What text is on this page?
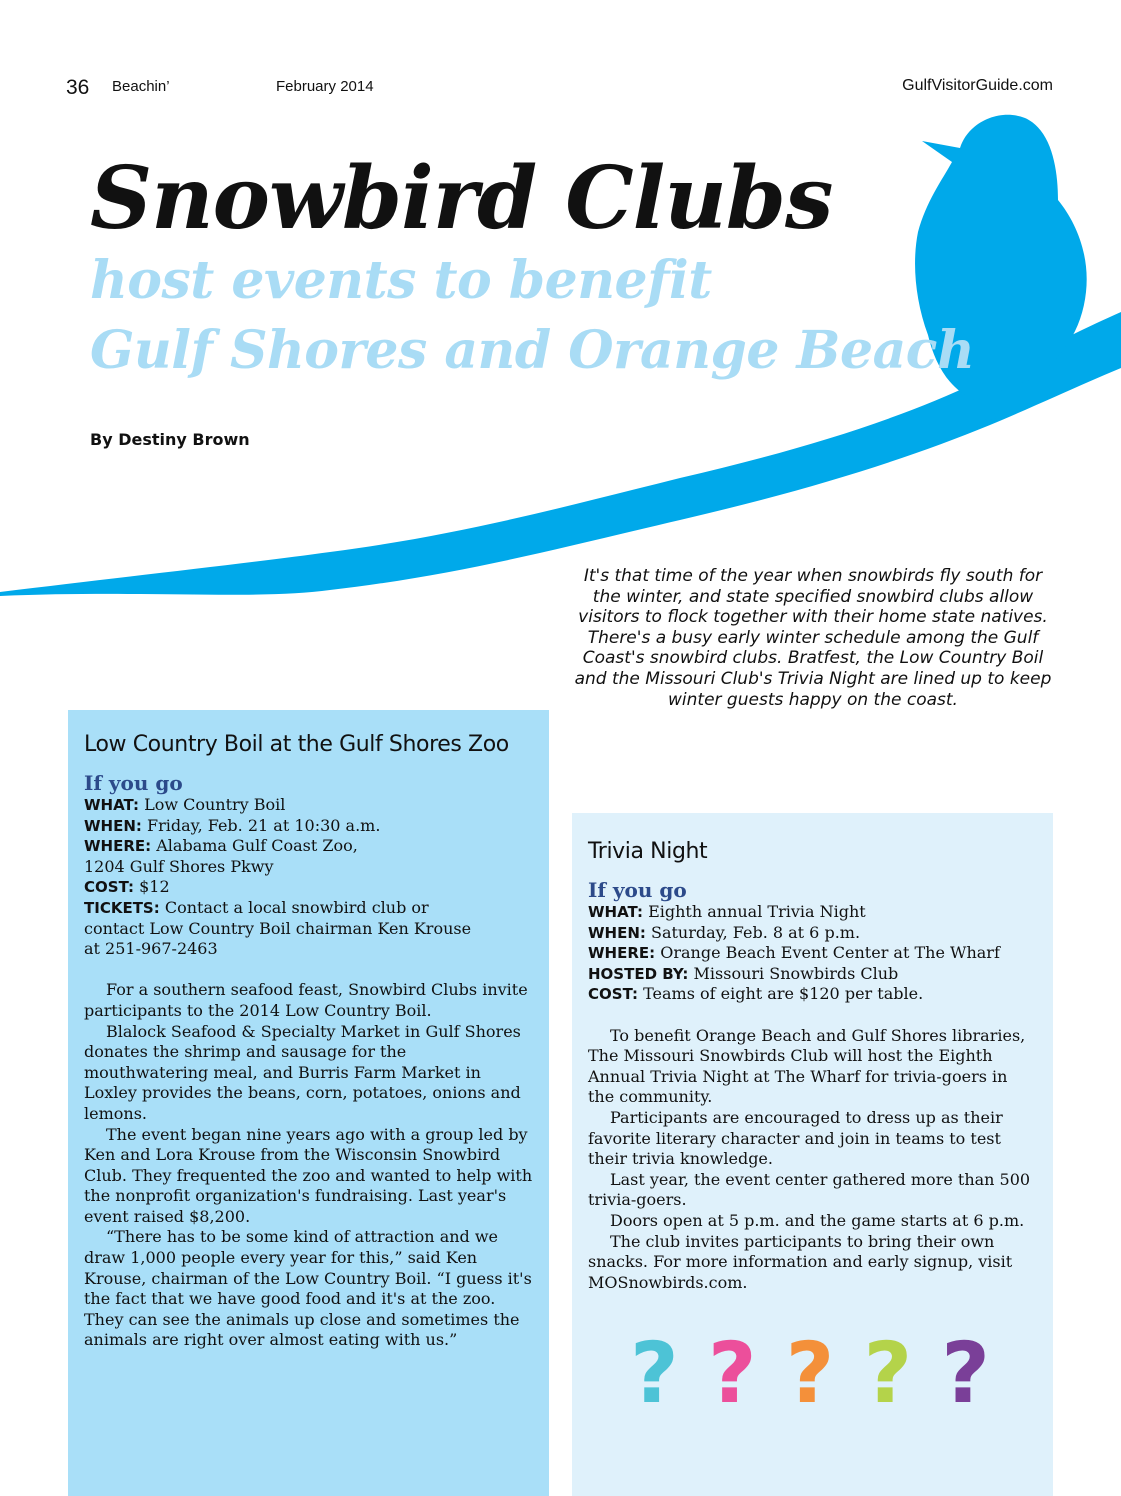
36 Beachin’	February 2014	GulfVisitorGuide.com
Snowbird Clubs
host events to benefit
Gulf Shores and Orange Beach
By Destiny Brown
It's that time of the year when snowbirds fly south for the winter, and state specified snowbird clubs allow visitors to flock together with their home state natives. There's a busy early winter schedule among the Gulf Coast's snowbird clubs. Bratfest, the Low Country Boil and the Missouri Club's Trivia Night are lined up to keep winter guests happy on the coast.
Low Country Boil at the Gulf Shores Zoo
If you go
WHAT: Low Country Boil
WHEN: Friday, Feb. 21 at 10:30 a.m.
WHERE: Alabama Gulf Coast Zoo,
1204 Gulf Shores Pkwy
COST: $12
TICKETS: Contact a local snowbird club or
contact Low Country Boil chairman Ken Krouse
at 251-967-2463

For a southern seafood feast, Snowbird Clubs invite participants to the 2014 Low Country Boil.

Blalock Seafood & Specialty Market in Gulf Shores donates the shrimp and sausage for the mouthwatering meal, and Burris Farm Market in Loxley provides the beans, corn, potatoes, onions and lemons.

The event began nine years ago with a group led by Ken and Lora Krouse from the Wisconsin Snowbird Club. They frequented the zoo and wanted to help with the nonprofit organization's fundraising. Last year's event raised $8,200.

“There has to be some kind of attraction and we draw 1,000 people every year for this,” said Ken Krouse, chairman of the Low Country Boil. “I guess it's the fact that we have good food and it's at the zoo. They can see the animals up close and sometimes the animals are right over almost eating with us.”

Trivia Night
If you go
WHAT: Eighth annual Trivia Night
WHEN: Saturday, Feb. 8 at 6 p.m.
WHERE: Orange Beach Event Center at The Wharf
HOSTED BY: Missouri Snowbirds Club
COST: Teams of eight are $120 per table.

To benefit Orange Beach and Gulf Shores libraries, The Missouri Snowbirds Club will host the Eighth Annual Trivia Night at The Wharf for trivia-goers in the community.

Participants are encouraged to dress up as their favorite literary character and join in teams to test their trivia knowledge.

Last year, the event center gathered more than 500 trivia-goers.

Doors open at 5 p.m. and the game starts at 6 p.m.

The club invites participants to bring their own snacks. For more information and early signup, visit MOSnowbirds.com.

? ? ? ? ?
